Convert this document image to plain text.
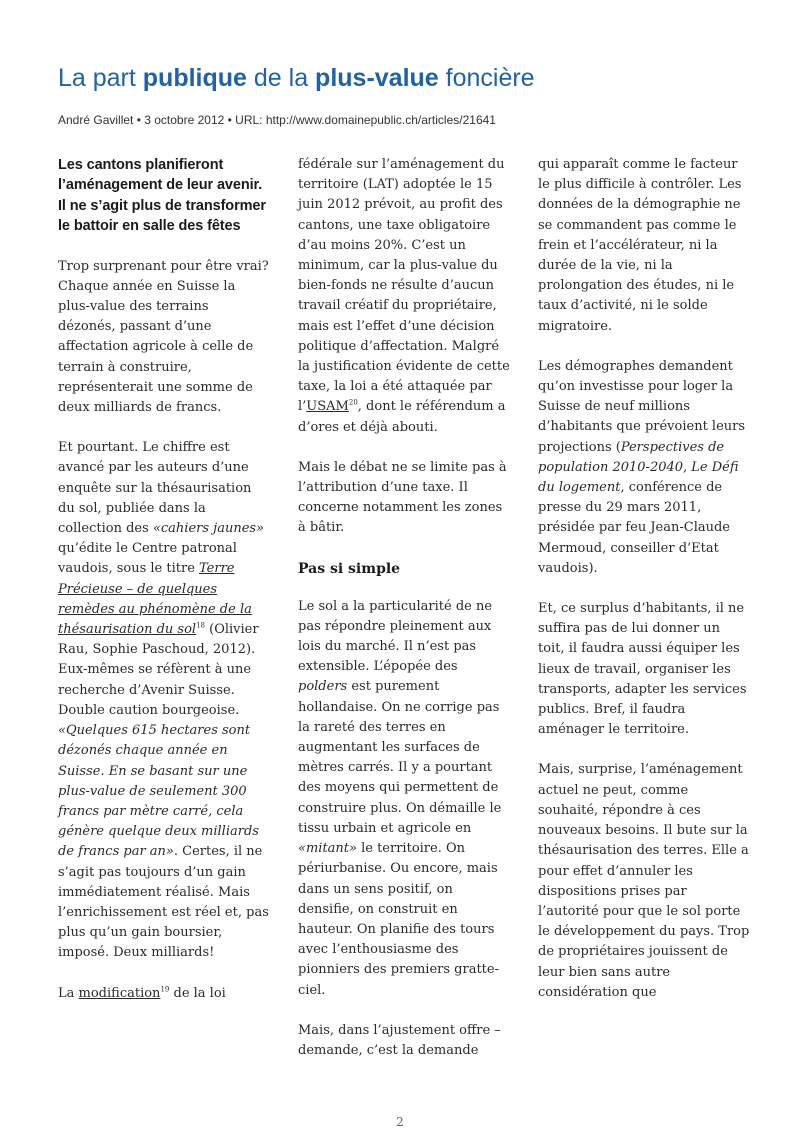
La part publique de la plus-value foncière
André Gavillet • 3 octobre 2012 • URL: http://www.domainepublic.ch/articles/21641

Les cantons planifieront l’aménagement de leur avenir. Il ne s’agit plus de transformer le battoir en salle des fêtes

Trop surprenant pour être vrai? Chaque année en Suisse la plus-value des terrains dézonés, passant d’une affectation agricole à celle de terrain à construire, représenterait une somme de deux milliards de francs.

Et pourtant. Le chiffre est avancé par les auteurs d’une enquête sur la thésaurisation du sol, publiée dans la collection des «cahiers jaunes» qu’édite le Centre patronal vaudois, sous le titre Terre Précieuse – de quelques remèdes au phénomène de la thésaurisation du sol$^{18}$ (Olivier Rau, Sophie Paschoud, 2012). Eux-mêmes se réfèrent à une recherche d’Avenir Suisse. Double caution bourgeoise. «Quelques 615 hectares sont dézonés chaque année en Suisse. En se basant sur une plus-value de seulement 300 francs par mètre carré, cela génère quelque deux milliards de francs par an». Certes, il ne s’agit pas toujours d’un gain immédiatement réalisé. Mais l’enrichissement est réel et, pas plus qu’un gain boursier, imposé. Deux milliards!

La modification$^{19}$ de la loi

fédérale sur l’aménagement du territoire (LAT) adoptée le 15 juin 2012 prévoit, au profit des cantons, une taxe obligatoire d’au moins 20%. C’est un minimum, car la plus-value du bien-fonds ne résulte d’aucun travail créatif du propriétaire, mais est l’effet d’une décision politique d’affectation. Malgré la justification évidente de cette taxe, la loi a été attaquée par l’USAM$^{20}$, dont le référendum a d’ores et déjà abouti.

Mais le débat ne se limite pas à l’attribution d’une taxe. Il concerne notamment les zones à bâtir.

Pas si simple

Le sol a la particularité de ne pas répondre pleinement aux lois du marché. Il n’est pas extensible. L’épopée des polders est purement hollandaise. On ne corrige pas la rareté des terres en augmentant les surfaces de mètres carrés. Il y a pourtant des moyens qui permettent de construire plus. On démaille le tissu urbain et agricole en «mitant» le territoire. On périurbanise. Ou encore, mais dans un sens positif, on densifie, on construit en hauteur. On planifie des tours avec l’enthousiasme des pionniers des premiers gratte-ciel.

Mais, dans l’ajustement offre – demande, c’est la demande

qui apparaît comme le facteur le plus difficile à contrôler. Les données de la démographie ne se commandent pas comme le frein et l’accélérateur, ni la durée de la vie, ni la prolongation des études, ni le taux d’activité, ni le solde migratoire.

Les démographes demandent qu’on investisse pour loger la Suisse de neuf millions d’habitants que prévoient leurs projections (Perspectives de population 2010-2040, Le Défi du logement, conférence de presse du 29 mars 2011, présidée par feu Jean-Claude Mermoud, conseiller d’Etat vaudois).

Et, ce surplus d’habitants, il ne suffira pas de lui donner un toit, il faudra aussi équiper les lieux de travail, organiser les transports, adapter les services publics. Bref, il faudra aménager le territoire.

Mais, surprise, l’aménagement actuel ne peut, comme souhaité, répondre à ces nouveaux besoins. Il bute sur la thésaurisation des terres. Elle a pour effet d’annuler les dispositions prises par l’autorité pour que le sol porte le développement du pays. Trop de propriétaires jouissent de leur bien sans autre considération que

2
